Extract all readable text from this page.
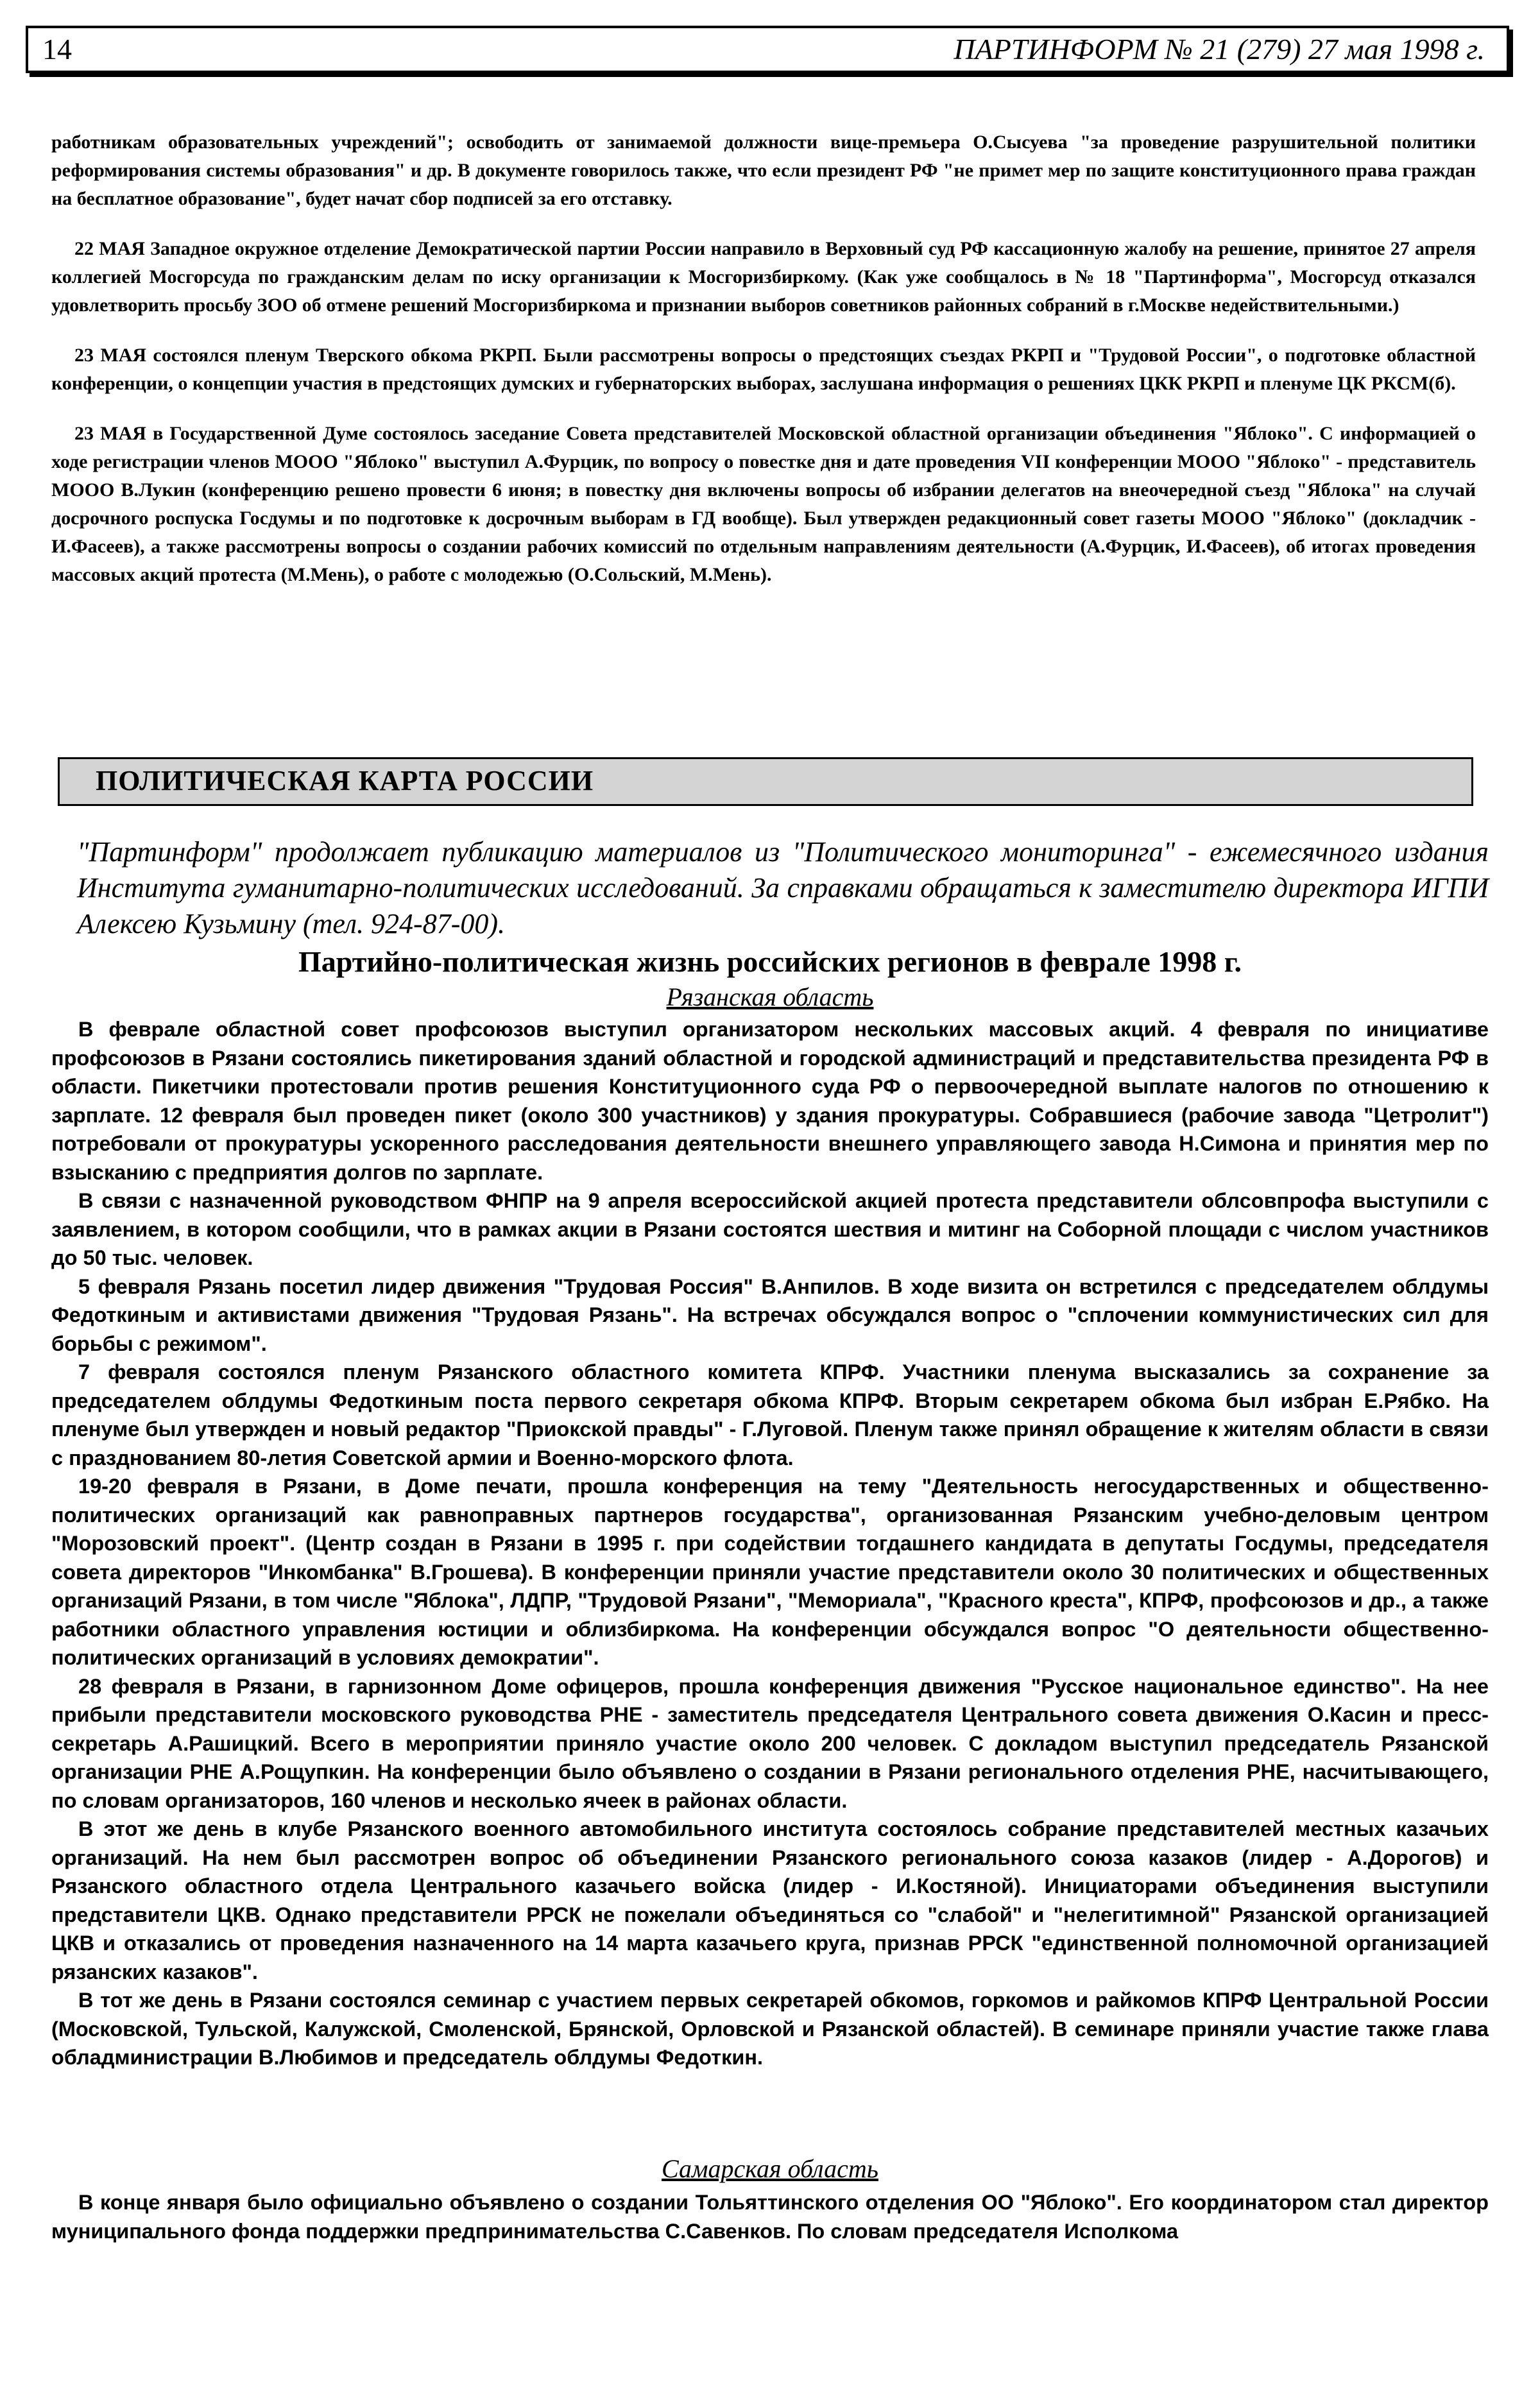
14	ПАРТИНФОРМ № 21 (279) 27 мая 1998 г.

работникам образовательных учреждений"; освободить от занимаемой должности вице-премьера О.Сысуева "за проведение разрушительной политики реформирования системы образования" и др. В документе говорилось также, что если президент РФ "не примет мер по защите конституционного права граждан на бесплатное образование", будет начат сбор подписей за его отставку.

22 МАЯ Западное окружное отделение Демократической партии России направило в Верховный суд РФ кассационную жалобу на решение, принятое 27 апреля коллегией Мосгорсуда по гражданским делам по иску организации к Мосгоризбиркому. (Как уже сообщалось в № 18 "Партинформа", Мосгорсуд отказался удовлетворить просьбу ЗОО об отмене решений Мосгоризбиркома и признании выборов советников районных собраний в г.Москве недействительными.)

23 МАЯ состоялся пленум Тверского обкома РКРП. Были рассмотрены вопросы о предстоящих съездах РКРП и "Трудовой России", о подготовке областной конференции, о концепции участия в предстоящих думских и губернаторских выборах, заслушана информация о решениях ЦКК РКРП и пленуме ЦК РКСМ(б).

23 МАЯ в Государственной Думе состоялось заседание Совета представителей Московской областной организации объединения "Яблоко". С информацией о ходе регистрации членов МООО "Яблоко" выступил А.Фурцик, по вопросу о повестке дня и дате проведения VII конференции МООО "Яблоко" - представитель МООО В.Лукин (конференцию решено провести 6 июня; в повестку дня включены вопросы об избрании делегатов на внеочередной съезд "Яблока" на случай досрочного роспуска Госдумы и по подготовке к досрочным выборам в ГД вообще). Был утвержден редакционный совет газеты МООО "Яблоко" (докладчик - И.Фасеев), а также рассмотрены вопросы о создании рабочих комиссий по отдельным направлениям деятельности (А.Фурцик, И.Фасеев), об итогах проведения массовых акций протеста (М.Мень), о работе с молодежью (О.Сольский, М.Мень).

ПОЛИТИЧЕСКАЯ КАРТА РОССИИ
"Партинформ" продолжает публикацию материалов из "Политического мониторинга" - ежемесячного издания Института гуманитарно-политических исследований. За справками обращаться к заместителю директора ИГПИ Алексею Кузьмину (тел. 924-87-00).
Партийно-политическая жизнь российских регионов в феврале 1998 г.
Рязанская область

В феврале областной совет профсоюзов выступил организатором нескольких массовых акций. 4 февраля по инициативе профсоюзов в Рязани состоялись пикетирования зданий областной и городской администраций и представительства президента РФ в области. Пикетчики протестовали против решения Конституционного суда РФ о первоочередной выплате налогов по отношению к зарплате. 12 февраля был проведен пикет (около 300 участников) у здания прокуратуры. Собравшиеся (рабочие завода "Цетролит") потребовали от прокуратуры ускоренного расследования деятельности внешнего управляющего завода Н.Симона и принятия мер по взысканию с предприятия долгов по зарплате.

В связи с назначенной руководством ФНПР на 9 апреля всероссийской акцией протеста представители облсовпрофа выступили с заявлением, в котором сообщили, что в рамках акции в Рязани состоятся шествия и митинг на Соборной площади с числом участников до 50 тыс. человек.

5 февраля Рязань посетил лидер движения "Трудовая Россия" В.Анпилов. В ходе визита он встретился с председателем облдумы Федоткиным и активистами движения "Трудовая Рязань". На встречах обсуждался вопрос о "сплочении коммунистических сил для борьбы с режимом".

7 февраля состоялся пленум Рязанского областного комитета КПРФ. Участники пленума высказались за сохранение за председателем облдумы Федоткиным поста первого секретаря обкома КПРФ. Вторым секретарем обкома был избран Е.Рябко. На пленуме был утвержден и новый редактор "Приокской правды" - Г.Луговой. Пленум также принял обращение к жителям области в связи с празднованием 80-летия Советской армии и Военно-морского флота.

19-20 февраля в Рязани, в Доме печати, прошла конференция на тему "Деятельность негосударственных и общественно-политических организаций как равноправных партнеров государства", организованная Рязанским учебно-деловым центром "Морозовский проект". (Центр создан в Рязани в 1995 г. при содействии тогдашнего кандидата в депутаты Госдумы, председателя совета директоров "Инкомбанка" В.Грошева). В конференции приняли участие представители около 30 политических и общественных организаций Рязани, в том числе "Яблока", ЛДПР, "Трудовой Рязани", "Мемориала", "Красного креста", КПРФ, профсоюзов и др., а также работники областного управления юстиции и облизбиркома. На конференции обсуждался вопрос "О деятельности общественно-политических организаций в условиях демократии".

28 февраля в Рязани, в гарнизонном Доме офицеров, прошла конференция движения "Русское национальное единство". На нее прибыли представители московского руководства РНЕ - заместитель председателя Центрального совета движения О.Касин и пресс-секретарь А.Рашицкий. Всего в мероприятии приняло участие около 200 человек. С докладом выступил председатель Рязанской организации РНЕ А.Рощупкин. На конференции было объявлено о создании в Рязани регионального отделения РНЕ, насчитывающего, по словам организаторов, 160 членов и несколько ячеек в районах области.

В этот же день в клубе Рязанского военного автомобильного института состоялось собрание представителей местных казачьих организаций. На нем был рассмотрен вопрос об объединении Рязанского регионального союза казаков (лидер - А.Дорогов) и Рязанского областного отдела Центрального казачьего войска (лидер - И.Костяной). Инициаторами объединения выступили представители ЦКВ. Однако представители РРСК не пожелали объединяться со "слабой" и "нелегитимной" Рязанской организацией ЦКВ и отказались от проведения назначенного на 14 марта казачьего круга, признав РРСК "единственной полномочной организацией рязанских казаков".

В тот же день в Рязани состоялся семинар с участием первых секретарей обкомов, горкомов и райкомов КПРФ Центральной России (Московской, Тульской, Калужской, Смоленской, Брянской, Орловской и Рязанской областей). В семинаре приняли участие также глава обладминистрации В.Любимов и председатель облдумы Федоткин.

Самарская область

В конце января было официально объявлено о создании Тольяттинского отделения ОО "Яблоко". Его координатором стал директор муниципального фонда поддержки предпринимательства С.Савенков. По словам председателя Исполкома
